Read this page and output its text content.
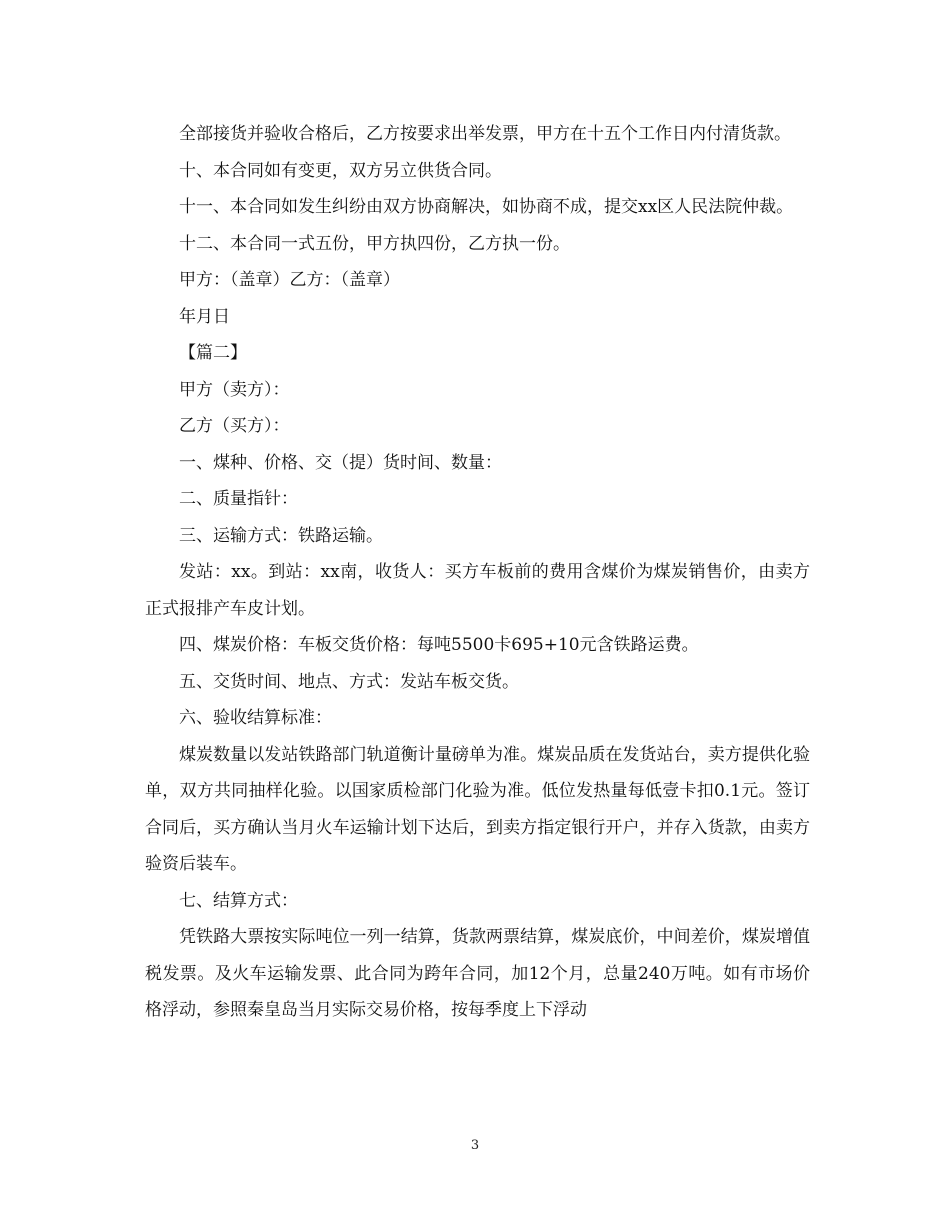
全部接货并验收合格后，乙方按要求出举发票，甲方在十五个工作日内付清货款。

十、本合同如有变更，双方另立供货合同。

十一、本合同如发生纠纷由双方协商解决，如协商不成，提交xx区人民法院仲裁。

十二、本合同一式五份，甲方执四份，乙方执一份。

甲方：（盖章）乙方：（盖章）

年月日

【篇二】

甲方（卖方）：

乙方（买方）：

一、煤种、价格、交（提）货时间、数量：

二、质量指针：

三、运输方式：铁路运输。

发站：xx。到站：xx南，收货人：买方车板前的费用含煤价为煤炭销售价，由卖方正式报排产车皮计划。

四、煤炭价格：车板交货价格：每吨5500卡695+10元含铁路运费。

五、交货时间、地点、方式：发站车板交货。

六、验收结算标准：

煤炭数量以发站铁路部门轨道衡计量磅单为准。煤炭品质在发货站台，卖方提供化验单，双方共同抽样化验。以国家质检部门化验为准。低位发热量每低壹卡扣0.1元。签订合同后，买方确认当月火车运输计划下达后，到卖方指定银行开户，并存入货款，由卖方验资后装车。

七、结算方式：

凭铁路大票按实际吨位一列一结算，货款两票结算，煤炭底价，中间差价，煤炭增值税发票。及火车运输发票、此合同为跨年合同，加12个月，总量240万吨。如有市场价格浮动，参照秦皇岛当月实际交易价格，按每季度上下浮动

3
